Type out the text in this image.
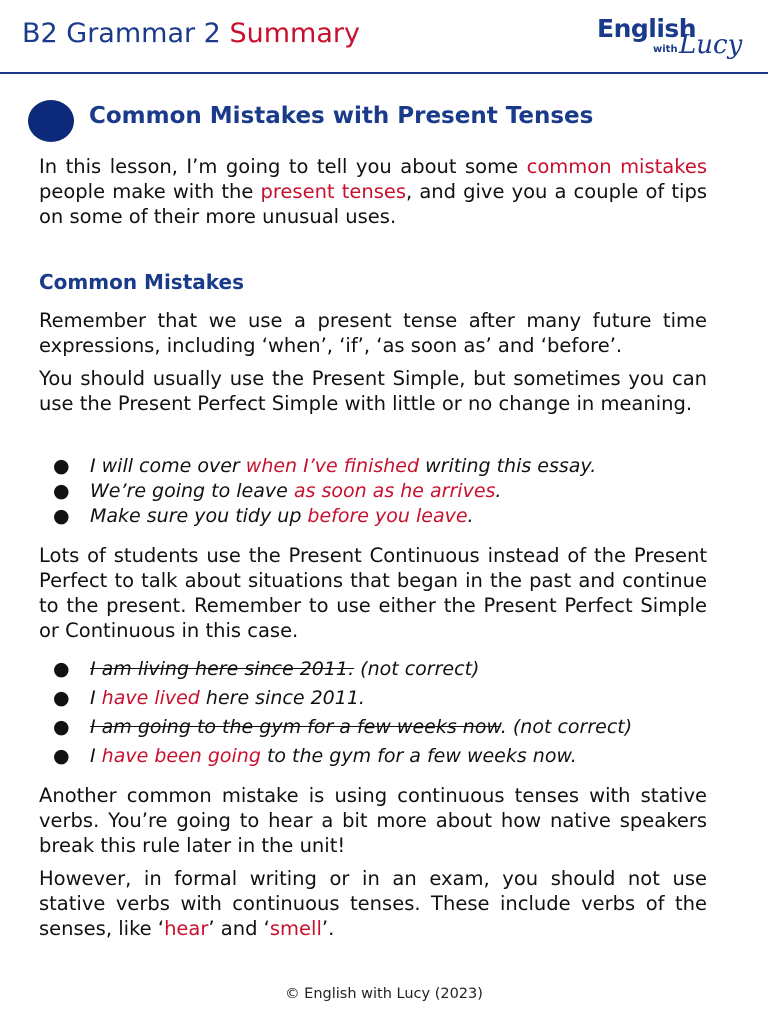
B2 Grammar 2 Summary	English
with Lucy
Common Mistakes with Present Tenses

In this lesson, I’m going to tell you about some common mistakes people make with the present tenses, and give you a couple of tips on some of their more unusual uses.

Common Mistakes

Remember that we use a present tense after many future time expressions, including ‘when’, ‘if’, ‘as soon as’ and ‘before’.

You should usually use the Present Simple, but sometimes you can use the Present Perfect Simple with little or no change in meaning.

● I will come over when I’ve finished writing this essay.
● We’re going to leave as soon as he arrives.
● Make sure you tidy up before you leave.

Lots of students use the Present Continuous instead of the Present Perfect to talk about situations that began in the past and continue to the present. Remember to use either the Present Perfect Simple or Continuous in this case.

● I am living here since 2011. (not correct)
● I have lived here since 2011.
● I am going to the gym for a few weeks now. (not correct)
● I have been going to the gym for a few weeks now.

Another common mistake is using continuous tenses with stative verbs. You’re going to hear a bit more about how native speakers break this rule later in the unit!

However, in formal writing or in an exam, you should not use stative verbs with continuous tenses. These include verbs of the senses, like ‘hear’ and ‘smell’.

© English with Lucy (2023)
